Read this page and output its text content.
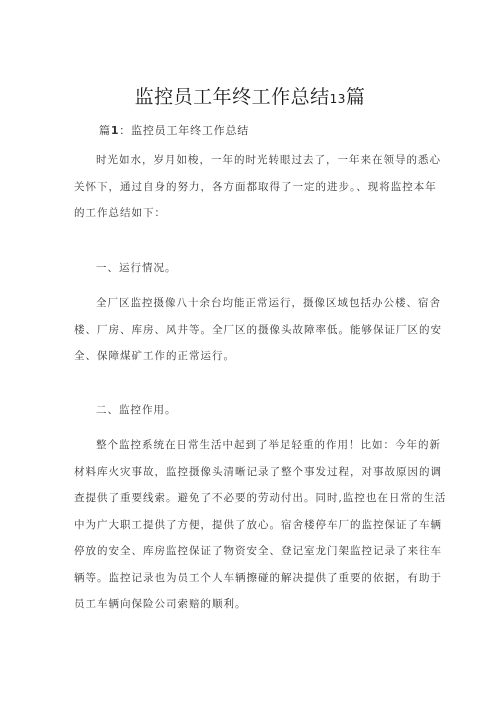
监控员工年终工作总结13篇
篇1：监控员工年终工作总结
时光如水，岁月如梭，一年的时光转眼过去了，一年来在领导的悉心
关怀下，通过自身的努力，各方面都取得了一定的进步。、现将监控本年
的工作总结如下：
一、运行情况。
全厂区监控摄像八十余台均能正常运行，摄像区域包括办公楼、宿舍
楼、厂房、库房、风井等。全厂区的摄像头故障率低。能够保证厂区的安
全、保障煤矿工作的正常运行。
二、监控作用。
整个监控系统在日常生活中起到了举足轻重的作用！比如：今年的新
材料库火灾事故，监控摄像头清晰记录了整个事发过程，对事故原因的调
查提供了重要线索。避免了不必要的劳动付出。同时,监控也在日常的生活
中为广大职工提供了方便，提供了放心。宿舍楼停车厂的监控保证了车辆
停放的安全、库房监控保证了物资安全、登记室龙门架监控记录了来往车
辆等。监控记录也为员工个人车辆擦碰的解决提供了重要的依据，有助于
员工车辆向保险公司索赔的顺利。
